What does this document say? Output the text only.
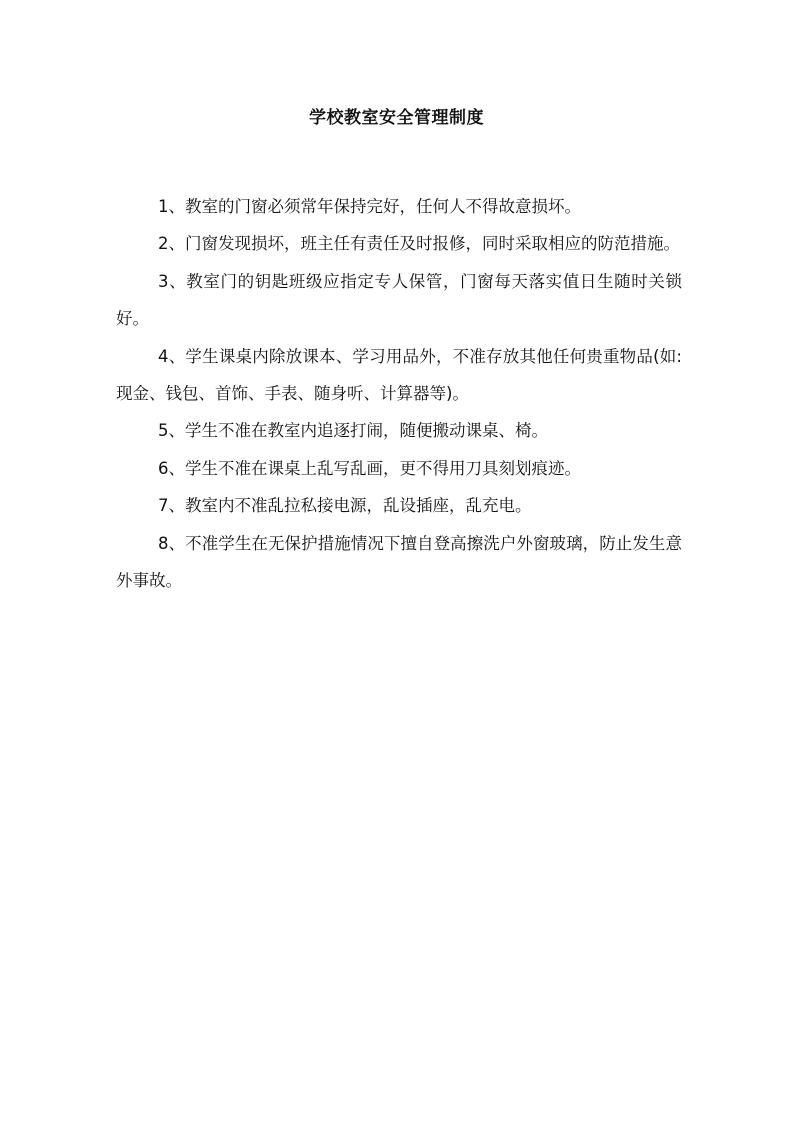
学校教室安全管理制度

1、教室的门窗必须常年保持完好，任何人不得故意损坏。

2、门窗发现损坏，班主任有责任及时报修，同时采取相应的防范措施。

3、教室门的钥匙班级应指定专人保管，门窗每天落实值日生随时关锁好。

4、学生课桌内除放课本、学习用品外，不准存放其他任何贵重物品(如:现金、钱包、首饰、手表、随身听、计算器等)。

5、学生不准在教室内追逐打闹，随便搬动课桌、椅。

6、学生不准在课桌上乱写乱画，更不得用刀具刻划痕迹。

7、教室内不准乱拉私接电源，乱设插座，乱充电。

8、不准学生在无保护措施情况下擅自登高擦洗户外窗玻璃，防止发生意外事故。
